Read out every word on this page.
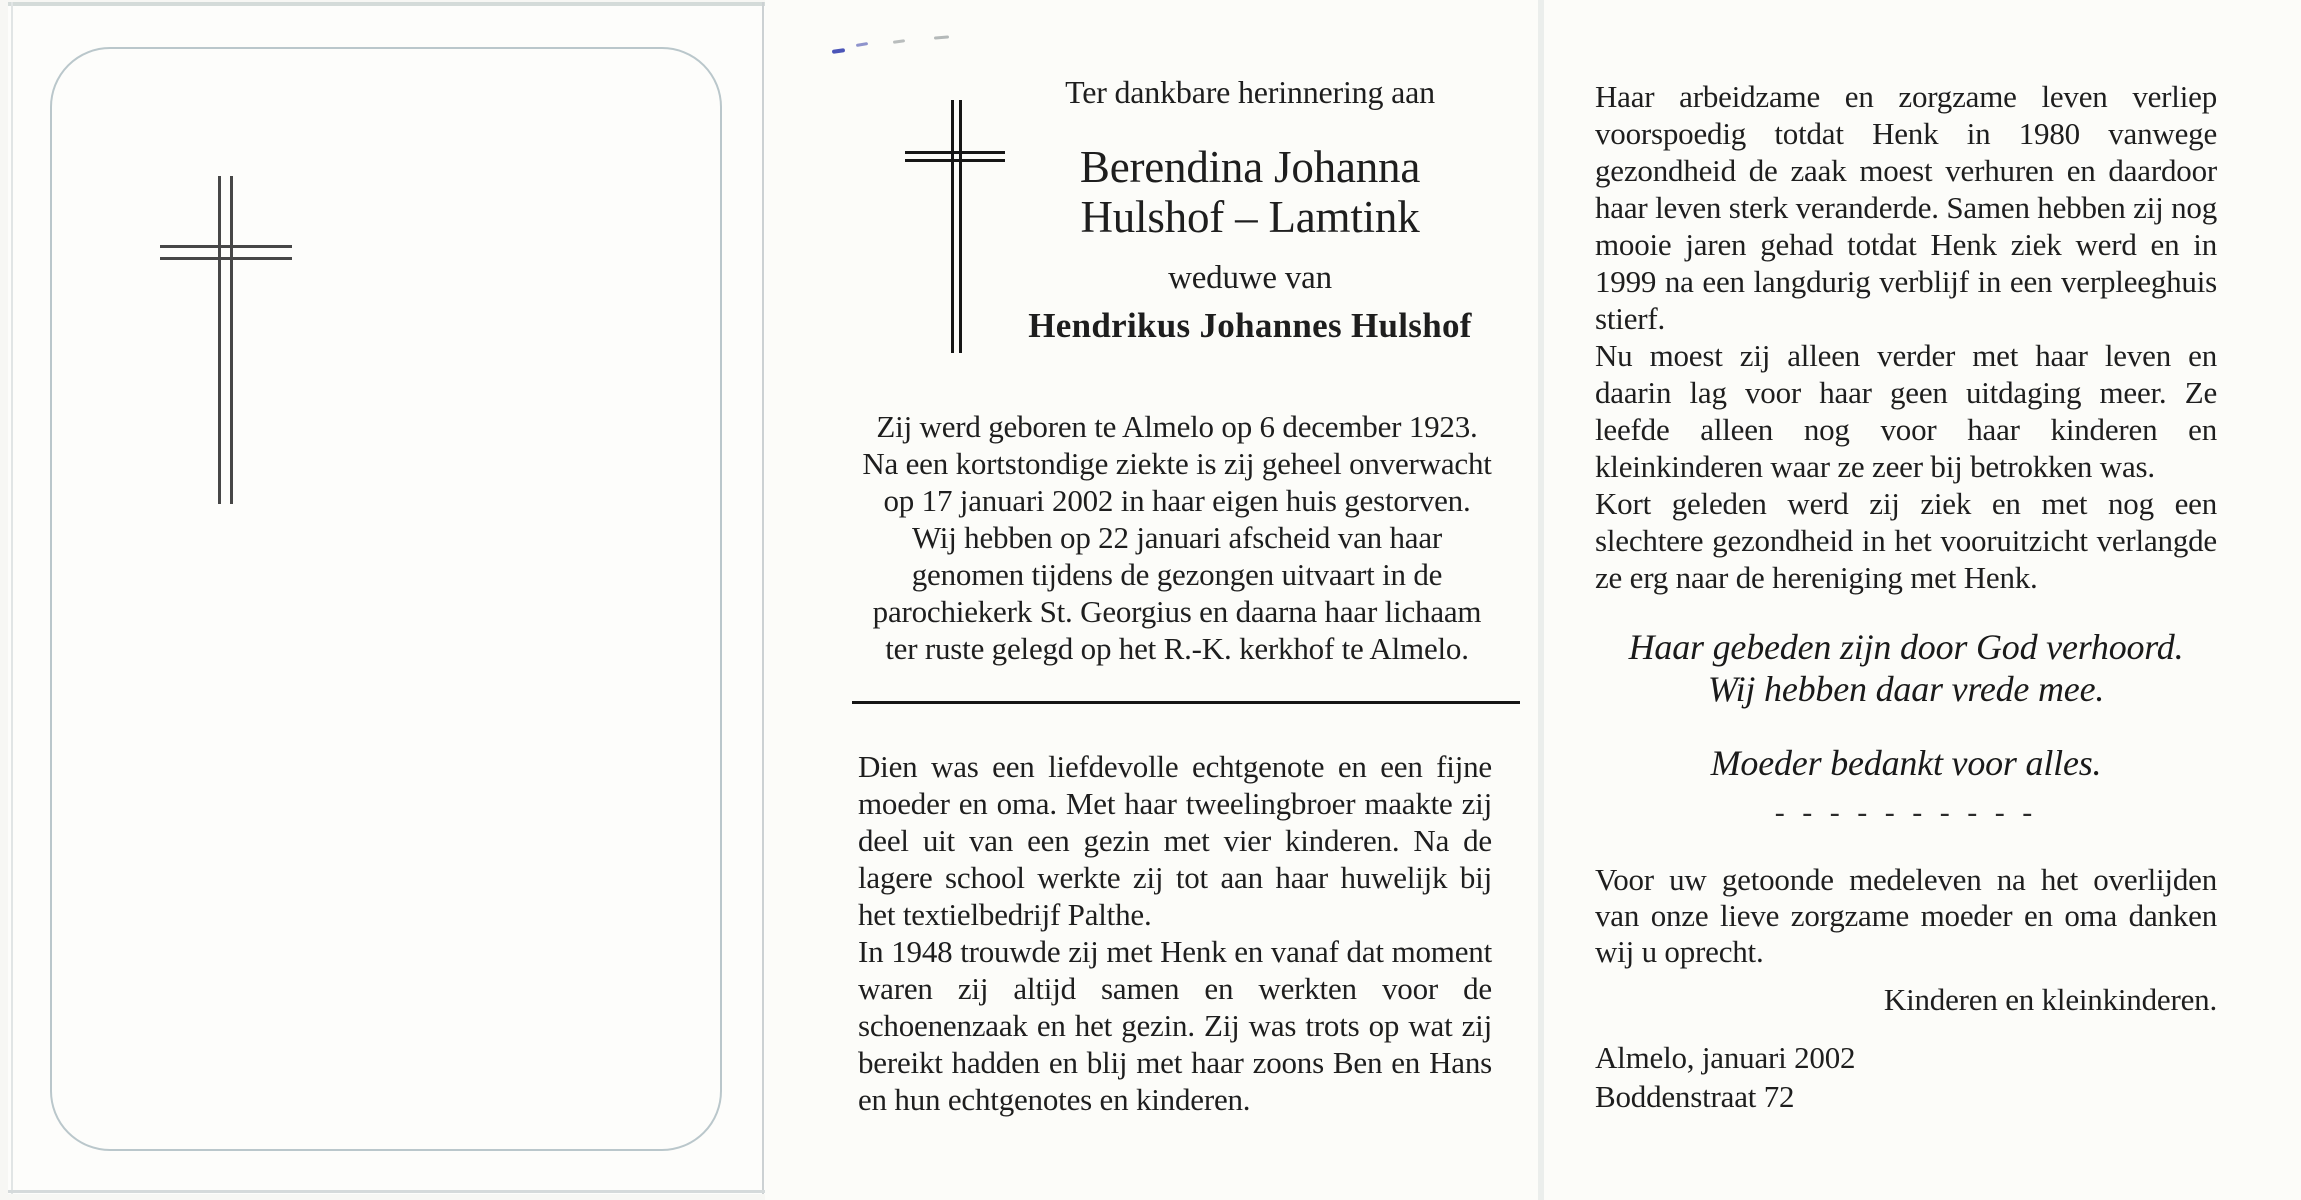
Ter dankbare herinnering aan
Berendina Johanna
Hulshof – Lamtink
weduwe van
Hendrikus Johannes Hulshof
Zij werd geboren te Almelo op 6 december 1923. Na een kortstondige ziekte is zij geheel onverwacht op 17 januari 2002 in haar eigen huis gestorven. Wij hebben op 22 januari afscheid van haar genomen tijdens de gezongen uitvaart in de parochiekerk St. Georgius en daarna haar lichaam ter ruste gelegd op het R.-K. kerkhof te Almelo.

Dien was een liefdevolle echtgenote en een fijne moeder en oma. Met haar tweelingbroer maakte zij deel uit van een gezin met vier kinderen. Na de lagere school werkte zij tot aan haar huwelijk bij het textielbedrijf Palthe.

In 1948 trouwde zij met Henk en vanaf dat moment waren zij altijd samen en werkten voor de schoenenzaak en het gezin. Zij was trots op wat zij bereikt hadden en blij met haar zoons Ben en Hans en hun echtgenotes en kinderen.

Haar arbeidzame en zorgzame leven verliep voorspoedig totdat Henk in 1980 vanwege gezondheid de zaak moest verhuren en daardoor haar leven sterk veranderde. Samen hebben zij nog mooie jaren gehad totdat Henk ziek werd en in 1999 na een langdurig verblijf in een verpleeghuis stierf.

Nu moest zij alleen verder met haar leven en daarin lag voor haar geen uitdaging meer. Ze leefde alleen nog voor haar kinderen en kleinkinderen waar ze zeer bij betrokken was.

Kort geleden werd zij ziek en met nog een slechtere gezondheid in het vooruitzicht verlangde ze erg naar de hereniging met Henk.

Haar gebeden zijn door God verhoord.
Wij hebben daar vrede mee.
Moeder bedankt voor alles.
- - - - - - - - - -
Voor uw getoonde medeleven na het overlijden van onze lieve zorgzame moeder en oma danken wij u oprecht.
Kinderen en kleinkinderen.
Almelo, januari 2002
Boddenstraat 72
